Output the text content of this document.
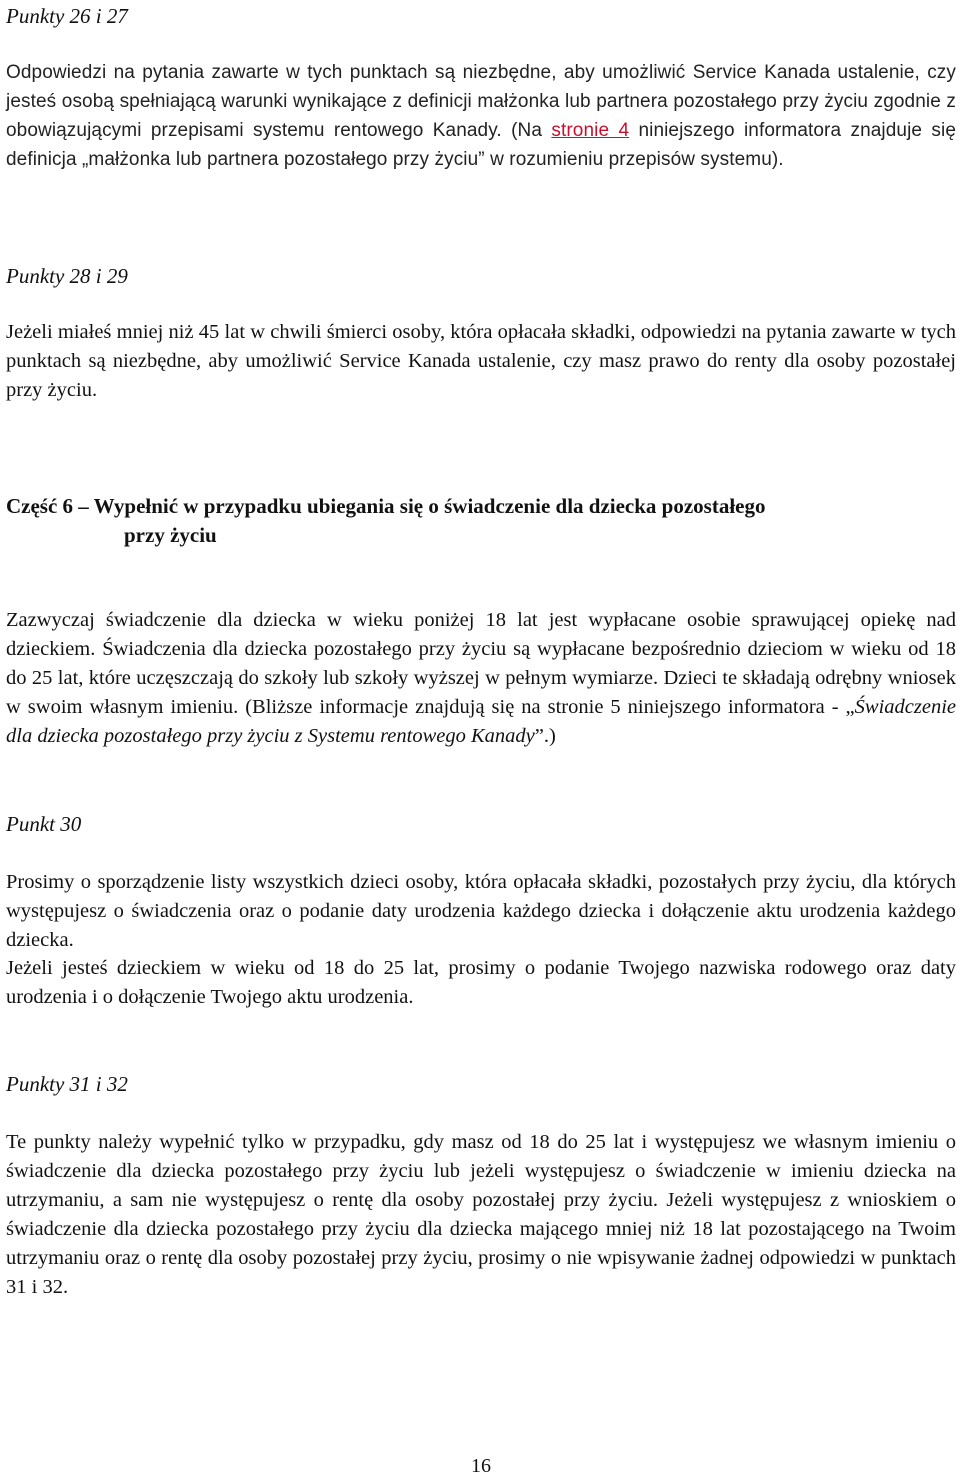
Punkty 26 i 27

Odpowiedzi na pytania zawarte w tych punktach są niezbędne, aby umożliwić Service Kanada ustalenie, czy jesteś osobą spełniającą warunki wynikające z definicji małżonka lub partnera pozostałego przy życiu zgodnie z obowiązującymi przepisami systemu rentowego Kanady. (Na stronie 4 niniejszego informatora znajduje się definicja „małżonka lub partnera pozostałego przy życiu” w rozumieniu przepisów systemu).

Punkty 28 i 29

Jeżeli miałeś mniej niż 45 lat w chwili śmierci osoby, która opłacała składki, odpowiedzi na pytania zawarte w tych punktach są niezbędne, aby umożliwić Service Kanada ustalenie, czy masz prawo do renty dla osoby pozostałej przy życiu.

Część 6 – Wypełnić w przypadku ubiegania się o świadczenie dla dziecka pozostałego
przy życiu

Zazwyczaj świadczenie dla dziecka w wieku poniżej 18 lat jest wypłacane osobie sprawującej opiekę nad dzieckiem. Świadczenia dla dziecka pozostałego przy życiu są wypłacane bezpośrednio dzieciom w wieku od 18 do 25 lat, które uczęszczają do szkoły lub szkoły wyższej w pełnym wymiarze. Dzieci te składają odrębny wniosek w swoim własnym imieniu. (Bliższe informacje znajdują się na stronie 5 niniejszego informatora - „Świadczenie dla dziecka pozostałego przy życiu z Systemu rentowego Kanady”.)

Punkt 30

Prosimy o sporządzenie listy wszystkich dzieci osoby, która opłacała składki, pozostałych przy życiu, dla których występujesz o świadczenia oraz o podanie daty urodzenia każdego dziecka i dołączenie aktu urodzenia każdego dziecka.

Jeżeli jesteś dzieckiem w wieku od 18 do 25 lat, prosimy o podanie Twojego nazwiska rodowego oraz daty urodzenia i o dołączenie Twojego aktu urodzenia.

Punkty 31 i 32

Te punkty należy wypełnić tylko w przypadku, gdy masz od 18 do 25 lat i występujesz we własnym imieniu o świadczenie dla dziecka pozostałego przy życiu lub jeżeli występujesz o świadczenie w imieniu dziecka na utrzymaniu, a sam nie występujesz o rentę dla osoby pozostałej przy życiu. Jeżeli występujesz z wnioskiem o świadczenie dla dziecka pozostałego przy życiu dla dziecka mającego mniej niż 18 lat pozostającego na Twoim utrzymaniu oraz o rentę dla osoby pozostałej przy życiu, prosimy o nie wpisywanie żadnej odpowiedzi w punktach 31 i 32.

16
